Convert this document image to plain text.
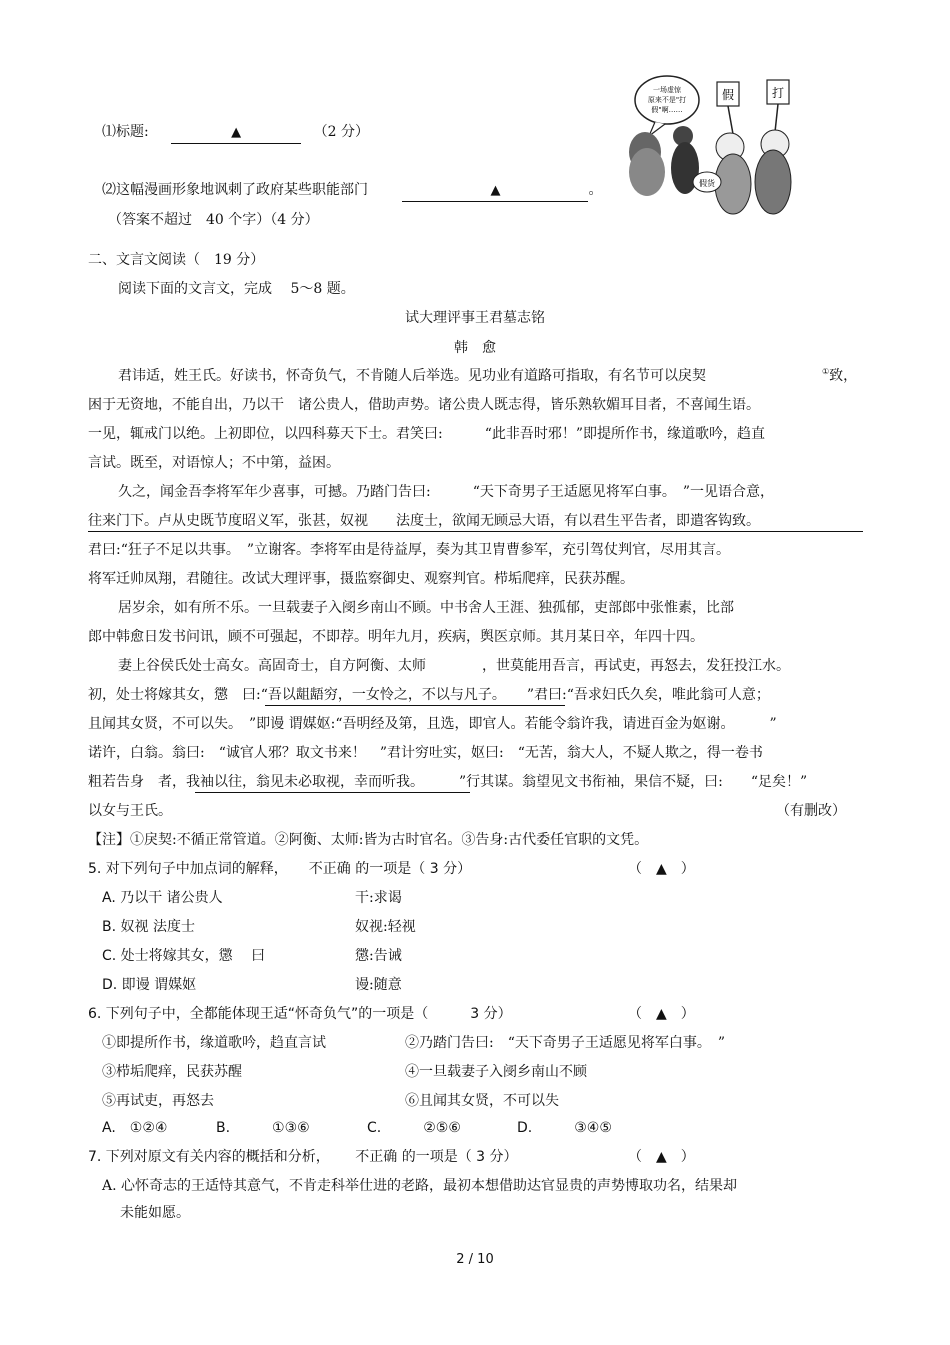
⑴标题:	▲	（2 分）
⑵这幅漫画形象地讽刺了政府某些职能部门	▲	。
（答案不超过　40 个字）（4 分）
一场虚惊
原来不是"打
假"啊……
假	打
假货
二、文言文阅读（　19 分）
阅读下面的文言文，完成　 5～8 题。
试大理评事王君墓志铭
韩　愈
君讳适，姓王氏。好读书，怀奇负气，不肯随人后举选。见功业有道路可指取，有名节可以戾契	①致，
困于无资地，不能自出，乃以干　诸公贵人，借助声势。诸公贵人既志得，皆乐熟软媚耳目者，不喜闻生语。
一见，辄戒门以绝。上初即位，以四科募天下士。君笑曰:　　　“此非吾时邪！”即提所作书，缘道歌吟，趋直
言试。既至，对语惊人；不中第，益困。
久之，闻金吾李将军年少喜事，可撼。乃踏门告曰:　　　“天下奇男子王适愿见将军白事。　”一见语合意，
往来门下。卢从史既节度昭义军，张甚，奴视　　法度士，欲闻无顾忌大语，有以君生平告者，即遣客钩致。
君曰:“狂子不足以共事。　”立谢客。李将军由是待益厚，奏为其卫胄曹参军，充引驾仗判官，尽用其言。
将军迁帅凤翔，君随往。改试大理评事，摄监察御史、观察判官。栉垢爬痒，民获苏醒。
居岁余，如有所不乐。一旦载妻子入阌乡南山不顾。中书舍人王涯、独孤郁，吏部郎中张惟素，比部
郎中韩愈日发书问讯，顾不可强起，不即荐。明年九月，疾病，舆医京师。其月某日卒，年四十四。
妻上谷侯氏处士高女。高固奇士，自方阿衡、太师　　　　，世莫能用吾言，再试吏，再怒去，发狂投江水。
初，处士将嫁其女，懲　曰:“吾以龃龉穷，一女怜之，不以与凡子。　　”君曰:“吾求妇氏久矣，唯此翁可人意；
且闻其女贤，不可以失。　”即谩 谓媒妪:“吾明经及第，且选，即官人。若能令翁许我，请进百金为妪谢。　　　”
诺许，白翁。翁曰:　“诚官人邪？取文书来！　”君计穷吐实，妪曰:　“无苦，翁大人，不疑人欺之，得一卷书
粗若告身　者，我袖以往，翁见未必取视，幸而听我。　　　”行其谋。翁望见文书衔袖，果信不疑，曰:　　“足矣！”
以女与王氏。	（有删改）
【注】①戾契:不循正常管道。②阿衡、太师:皆为古时官名。③告身:古代委任官职的文凭。
5. 对下列句子中加点词的解释，　　不正确 的一项是（ 3 分）	（　▲　）
A. 乃以干 诸公贵人	干:求谒
B. 奴视 法度士	奴视:轻视
C. 处士将嫁其女，懲　 曰	懲:告诫
D. 即谩 谓媒妪	谩:随意
6. 下列句子中，全都能体现王适“怀奇负气”的一项是（　　　3 分）	（　▲　）
①即提所作书，缘道歌吟，趋直言试	②乃踏门告曰:　“天下奇男子王适愿见将军白事。　”
③栉垢爬痒，民获苏醒	④一旦载妻子入阌乡南山不顾
⑤再试吏，再怒去	⑥且闻其女贤，不可以失
A.　①②④	B.　　　①③⑥	C.　　　②⑤⑥	D.　　　③④⑤
7. 下列对原文有关内容的概括和分析，　　 不正确 的一项是（ 3 分）	（　▲　）
A. 心怀奇志的王适恃其意气，不肯走科举仕进的老路，最初本想借助达官显贵的声势博取功名，结果却
未能如愿。
2 / 10
